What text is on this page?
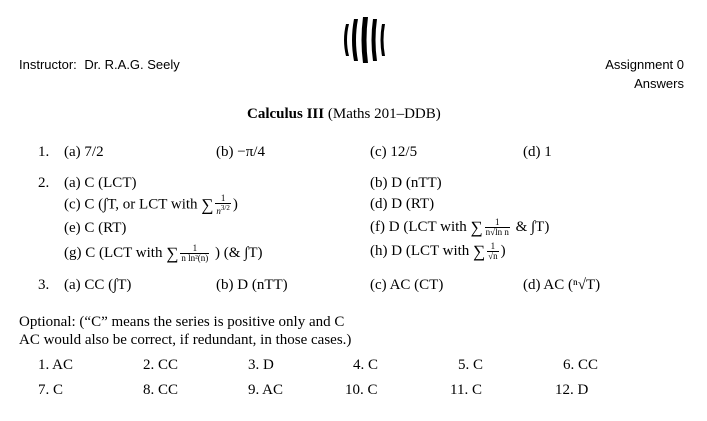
Instructor: Dr. R.A.G. Seely	Assignment 0
Answers
Calculus III (Maths 201–DDB)
1. (a) 7/2	(b) −π/4	(c) 12/5	(d) 1
2. (a) C (LCT)	(b) D (nTT)
(c) C (∫T, or LCT with ∑ $\frac{1}{n^{3/2}}$ )	(d) D (RT)
(e) C (RT)	(f) D (LCT with ∑ $\frac{1}{\text{n√ln n}}$ & ∫T)
(g) C (LCT with ∑ $\frac{1}{\text{n ln²(n)}}$ ) (& ∫T)	(h) D (LCT with ∑ $\frac{1}{√n}$ )
3. (a) CC (∫T)	(b) D (nTT)	(c) AC (CT)	(d) AC (ⁿ√T)
Optional: (“C” means the series is positive only and C
AC would also be correct, if redundant, in those cases.)
1. AC	2. CC	3. D	4. C	5. C	6. CC
7. C	8. CC	9. AC	10. C	11. C	12. D
